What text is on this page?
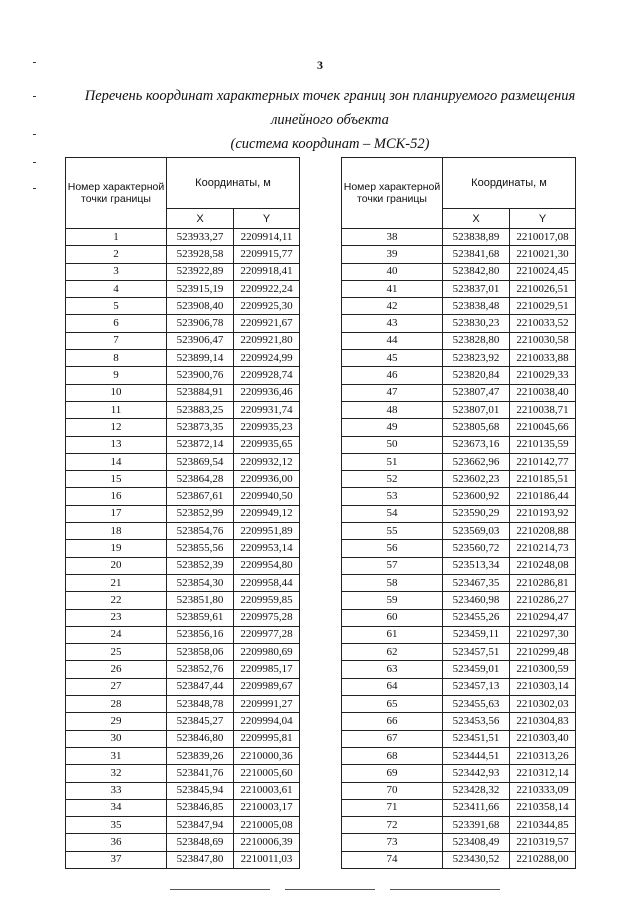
3
Перечень координат характерных точек границ зон планируемого размещения
линейного объекта
(система координат – МСК-52)
Номер характерной точки границы	Координаты, м	
	X	Y
1	523933,27	2209914,11
2	523928,58	2209915,77
3	523922,89	2209918,41
4	523915,19	2209922,24
5	523908,40	2209925,30
6	523906,78	2209921,67
7	523906,47	2209921,80
8	523899,14	2209924,99
9	523900,76	2209928,74
10	523884,91	2209936,46
11	523883,25	2209931,74
12	523873,35	2209935,23
13	523872,14	2209935,65
14	523869,54	2209932,12
15	523864,28	2209936,00
16	523867,61	2209940,50
17	523852,99	2209949,12
18	523854,76	2209951,89
19	523855,56	2209953,14
20	523852,39	2209954,80
21	523854,30	2209958,44
22	523851,80	2209959,85
23	523859,61	2209975,28
24	523856,16	2209977,28
25	523858,06	2209980,69
26	523852,76	2209985,17
27	523847,44	2209989,67
28	523848,78	2209991,27
29	523845,27	2209994,04
30	523846,80	2209995,81
31	523839,26	2210000,36
32	523841,76	2210005,60
33	523845,94	2210003,61
34	523846,85	2210003,17
35	523847,94	2210005,08
36	523848,69	2210006,39
37	523847,80	2210011,03
Номер характерной точки границы	Координаты, м	
	X	Y
38	523838,89	2210017,08
39	523841,68	2210021,30
40	523842,80	2210024,45
41	523837,01	2210026,51
42	523838,48	2210029,51
43	523830,23	2210033,52
44	523828,80	2210030,58
45	523823,92	2210033,88
46	523820,84	2210029,33
47	523807,47	2210038,40
48	523807,01	2210038,71
49	523805,68	2210045,66
50	523673,16	2210135,59
51	523662,96	2210142,77
52	523602,23	2210185,51
53	523600,92	2210186,44
54	523590,29	2210193,92
55	523569,03	2210208,88
56	523560,72	2210214,73
57	523513,34	2210248,08
58	523467,35	2210286,81
59	523460,98	2210286,27
60	523455,26	2210294,47
61	523459,11	2210297,30
62	523457,51	2210299,48
63	523459,01	2210300,59
64	523457,13	2210303,14
65	523455,63	2210302,03
66	523453,56	2210304,83
67	523451,51	2210303,40
68	523444,51	2210313,26
69	523442,93	2210312,14
70	523428,32	2210333,09
71	523411,66	2210358,14
72	523391,68	2210344,85
73	523408,49	2210319,57
74	523430,52	2210288,00
